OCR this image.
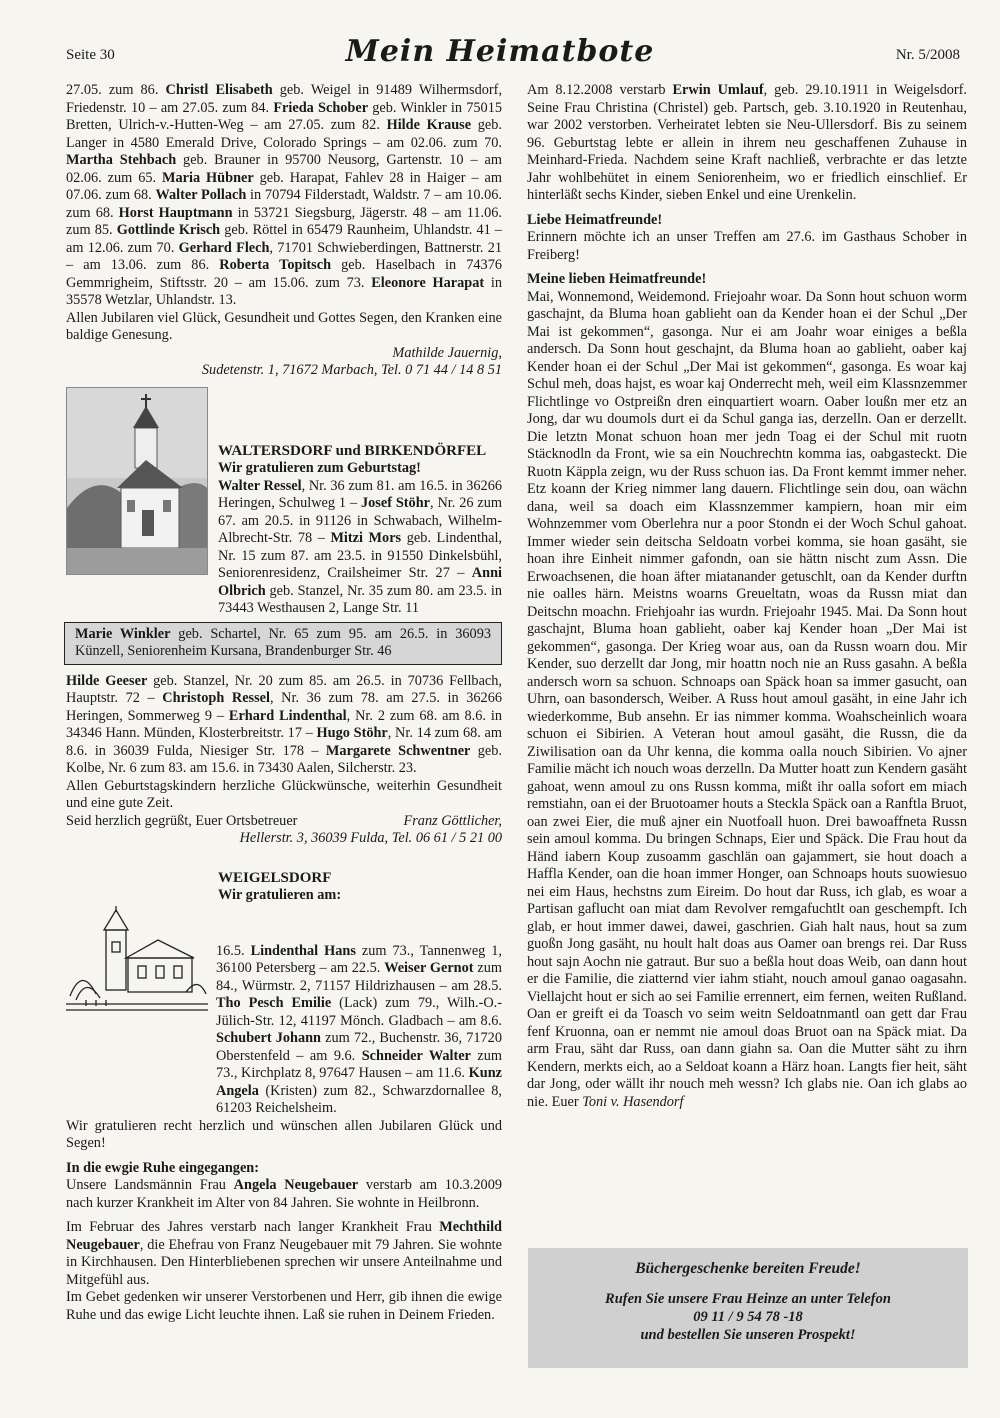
Seite 30	Mein Heimatbote	Nr. 5/2008

27.05. zum 86. Christl Elisabeth geb. Weigel in 91489 Wilhermsdorf, Friedenstr. 10 – am 27.05. zum 84. Frieda Schober geb. Winkler in 75015 Bretten, Ulrich-v.-Hutten-Weg – am 27.05. zum 82. Hilde Krause geb. Langer in 4580 Emerald Drive, Colorado Springs – am 02.06. zum 70. Martha Stehbach geb. Brauner in 95700 Neusorg, Gartenstr. 10 – am 02.06. zum 65. Maria Hübner geb. Harapat, Fahlev 28 in Haiger – am 07.06. zum 68. Walter Pollach in 70794 Filderstadt, Waldstr. 7 – am 10.06. zum 68. Horst Hauptmann in 53721 Siegsburg, Jägerstr. 48 – am 11.06. zum 85. Gottlinde Krisch geb. Röttel in 65479 Raunheim, Uhlandstr. 41 – am 12.06. zum 70. Gerhard Flech, 71701 Schwieberdingen, Battnerstr. 21 – am 13.06. zum 86. Roberta Topitsch geb. Haselbach in 74376 Gemmrigheim, Stiftsstr. 20 – am 15.06. zum 73. Eleonore Harapat in 35578 Wetzlar, Uhlandstr. 13.

Allen Jubilaren viel Glück, Gesundheit und Gottes Segen, den Kranken eine baldige Genesung.

Mathilde Jauernig,
Sudetenstr. 1, 71672 Marbach, Tel. 0 71 44 / 14 8 51

WALTERSDORF und BIRKENDÖRFEL

Wir gratulieren zum Geburtstag!

Walter Ressel, Nr. 36 zum 81. am 16.5. in 36266 Heringen, Schulweg 1 – Josef Stöhr, Nr. 26 zum 67. am 20.5. in 91126 in Schwabach, Wilhelm-Albrecht-Str. 78 – Mitzi Mors geb. Lindenthal, Nr. 15 zum 87. am 23.5. in 91550 Dinkelsbühl, Seniorenresidenz, Crailsheimer Str. 27 – Anni Olbrich geb. Stanzel, Nr. 35 zum 80. am 23.5. in 73443 Westhausen 2, Lange Str. 11

Marie Winkler geb. Schartel, Nr. 65 zum 95. am 26.5. in 36093 Künzell, Seniorenheim Kursana, Brandenburger Str. 46

Hilde Geeser geb. Stanzel, Nr. 20 zum 85. am 26.5. in 70736 Fellbach, Hauptstr. 72 – Christoph Ressel, Nr. 36 zum 78. am 27.5. in 36266 Heringen, Sommerweg 9 – Erhard Lindenthal, Nr. 2 zum 68. am 8.6. in 34346 Hann. Münden, Klosterbreitstr. 17 – Hugo Stöhr, Nr. 14 zum 68. am 8.6. in 36039 Fulda, Niesiger Str. 178 – Margarete Schwentner geb. Kolbe, Nr. 6 zum 83. am 15.6. in 73430 Aalen, Silcherstr. 23.

Allen Geburtstagskindern herzliche Glückwünsche, weiterhin Gesundheit und eine gute Zeit.

Seid herzlich gegrüßt, Euer Ortsbetreuer	Franz Göttlicher,

Hellerstr. 3, 36039 Fulda, Tel. 06 61 / 5 21 00

WEIGELSDORF

Wir gratulieren am:

16.5. Lindenthal Hans zum 73., Tannenweg 1, 36100 Petersberg – am 22.5. Weiser Gernot zum 84., Würmstr. 2, 71157 Hildrizhausen – am 28.5. Tho Pesch Emilie (Lack) zum 79., Wilh.-O.-Jülich-Str. 12, 41197 Mönch. Gladbach – am 8.6. Schubert Johann zum 72., Buchenstr. 36, 71720 Oberstenfeld – am 9.6. Schneider Walter zum 73., Kirchplatz 8, 97647 Hausen – am 11.6. Kunz Angela (Kristen) zum 82., Schwarzdornallee 8, 61203 Reichelsheim.

Wir gratulieren recht herzlich und wünschen allen Jubilaren Glück und Segen!

In die ewgie Ruhe eingegangen:

Unsere Landsmännin Frau Angela Neugebauer verstarb am 10.3.2009 nach kurzer Krankheit im Alter von 84 Jahren. Sie wohnte in Heilbronn.

Im Februar des Jahres verstarb nach langer Krankheit Frau Mechthild Neugebauer, die Ehefrau von Franz Neugebauer mit 79 Jahren. Sie wohnte in Kirchhausen. Den Hinterbliebenen sprechen wir unsere Anteilnahme und Mitgefühl aus.

Im Gebet gedenken wir unserer Verstorbenen und Herr, gib ihnen die ewige Ruhe und das ewige Licht leuchte ihnen. Laß sie ruhen in Deinem Frieden.

Am 8.12.2008 verstarb Erwin Umlauf, geb. 29.10.1911 in Weigelsdorf. Seine Frau Christina (Christel) geb. Partsch, geb. 3.10.1920 in Reutenhau, war 2002 verstorben. Verheiratet lebten sie Neu-Ullersdorf. Bis zu seinem 96. Geburtstag lebte er allein in ihrem neu geschaffenen Zuhause in Meinhard-Frieda. Nachdem seine Kraft nachließ, verbrachte er das letzte Jahr wohlbehütet in einem Seniorenheim, wo er friedlich einschlief. Er hinterläßt sechs Kinder, sieben Enkel und eine Urenkelin.

Liebe Heimatfreunde!

Erinnern möchte ich an unser Treffen am 27.6. im Gasthaus Schober in Freiberg!

Meine lieben Heimatfreunde!

Mai, Wonnemond, Weidemond. Friejoahr woar. Da Sonn hout schuon worm gaschajnt, da Bluma hoan gablieht oan da Kender hoan ei der Schul „Der Mai ist gekommen“, gasonga. Nur ei am Joahr woar einiges a beßla andersch. Da Sonn hout geschajnt, da Bluma hoan ao gablieht, oaber kaj Kender hoan ei der Schul „Der Mai ist gekommen“, gasonga. Es woar kaj Schul meh, doas hajst, es woar kaj Onderrecht meh, weil eim Klassnzemmer Flichtlinge vo Ostpreißn dren einquartiert woarn. Oaber loußn mer etz an Jong, dar wu doumols durt ei da Schul ganga ias, derzelln. Oan er derzellt. Die letztn Monat schuon hoan mer jedn Toag ei der Schul mit ruotn Stäcknodln da Front, wie sa ein Nouchrechtn komma ias, oabgasteckt. Die Ruotn Käppla zeign, wu der Russ schuon ias. Da Front kemmt immer neher. Etz koann der Krieg nimmer lang dauern. Flichtlinge sein dou, oan wächn dana, weil sa doach eim Klassnzemmer kampiern, hoan mir eim Wohnzemmer vom Oberlehra nur a poor Stondn ei der Woch Schul gahoat. Immer wieder sein deitscha Seldoatn vorbei komma, sie hoan gasäht, sie hoan ihre Einheit nimmer gafondn, oan sie hättn nischt zum Assn. Die Erwoachsenen, die hoan äfter miatanander getuschlt, oan da Kender durftn nie oalles härn. Meistns woarns Greueltatn, woas da Russn miat dan Deitschn moachn. Friehjoahr ias wurdn. Friejoahr 1945. Mai. Da Sonn hout gaschajnt, Bluma hoan gablieht, oaber kaj Kender hoan „Der Mai ist gekommen“, gasonga. Der Krieg woar aus, oan da Russn woarn dou. Mir Kender, suo derzellt dar Jong, mir hoattn noch nie an Russ gasahn. A beßla andersch worn sa schuon. Schnoaps oan Späck hoan sa immer gasucht, oan Uhrn, oan basondersch, Weiber. A Russ hout amoul gasäht, in eine Jahr ich wiederkomme, Bub ansehn. Er ias nimmer komma. Woahscheinlich woara schuon ei Sibirien. A Veteran hout amoul gasäht, die Russn, die da Ziwilisation oan da Uhr kenna, die komma oalla nouch Sibirien. Vo ajner Familie mächt ich nouch woas derzelln. Da Mutter hoatt zun Kendern gasäht gahoat, wenn amoul zu ons Russn komma, mißt ihr oalla sofort em miach remstiahn, oan ei der Bruotoamer houts a Steckla Späck oan a Ranftla Bruot, oan zwei Eier, die muß ajner ein Nuotfoall huon. Drei bawoaffneta Russn sein amoul komma. Du bringen Schnaps, Eier und Späck. Die Frau hout da Händ iabern Koup zusoamm gaschlän oan gajammert, sie hout doach a Haffla Kender, oan die hoan immer Honger, oan Schnoaps houts suowiesuo nei eim Haus, hechstns zum Eireim. Do hout dar Russ, ich glab, es woar a Partisan gaflucht oan miat dam Revolver remgafuchtlt oan geschempft. Ich glab, er hout immer dawei, dawei, gaschrien. Giah halt naus, hout sa zum guoßn Jong gasäht, nu hoult halt doas aus Oamer oan brengs rei. Dar Russ hout sajn Aochn nie gatraut. Bur suo a beßla hout doas Weib, oan dann hout er die Familie, die ziatternd vier iahm stiaht, nouch amoul ganao oagasahn. Viellajcht hout er sich ao sei Familie errennert, eim fernen, weiten Rußland. Oan er greift ei da Toasch vo seim weitn Seldoatnmantl oan gett dar Frau fenf Kruonna, oan er nemmt nie amoul doas Bruot oan na Späck miat. Da arm Frau, säht dar Russ, oan dann giahn sa. Oan die Mutter säht zu ihrn Kendern, merkts eich, ao a Seldoat koann a Härz hoan. Langts fier heit, säht dar Jong, oder wällt ihr nouch meh wessn? Ich glabs nie. Oan ich glabs ao nie. Euer Toni v. Hasendorf

Büchergeschenke bereiten Freude!
Rufen Sie unsere Frau Heinze an unter Telefon
09 11 / 9 54 78 -18
und bestellen Sie unseren Prospekt!
